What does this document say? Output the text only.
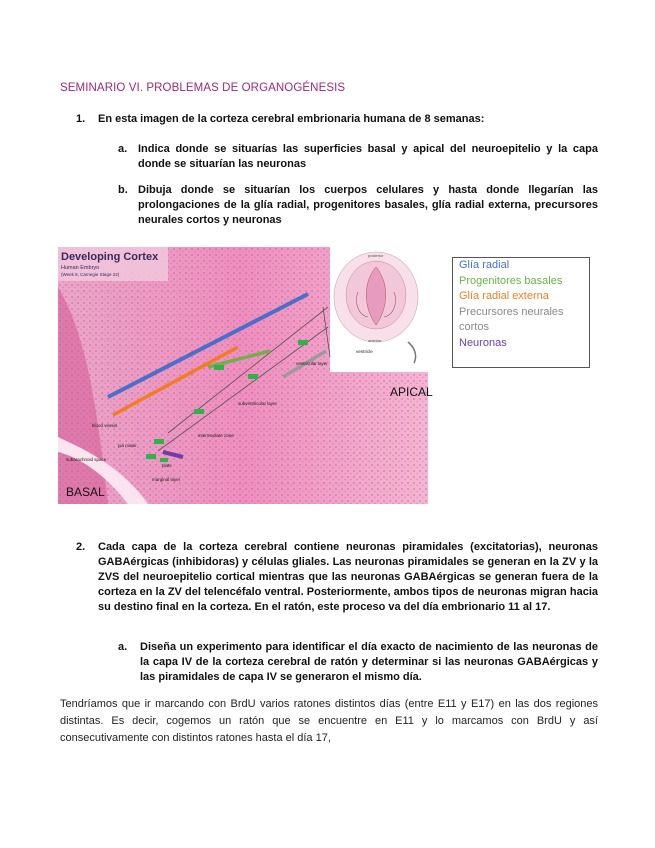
SEMINARIO VI. PROBLEMAS DE ORGANOGÉNESIS
1. En esta imagen de la corteza cerebral embrionaria humana de 8 semanas:
a. Indica donde se situarías las superficies basal y apical del neuroepitelio y la capa donde se situarían las neuronas
b. Dibuja donde se situarían los cuerpos celulares y hasta donde llegarían las prolongaciones de la glía radial, progenitores basales, glía radial externa, precursores neurales cortos y neuronas
Developing Cortex
Human Embryo
(Week 8, Carnegie Stage 22)
posterior
anterior
ventricle
ventricular layer
subventricular layer
intermediate zone
plate
marginal layer
blood vessel
pia mater
subarachnoid space
APICAL
BASAL
Glía radial
Progenitores basales
Glía radial externa
Precursores neurales
cortos
Neuronas
2. Cada capa de la corteza cerebral contiene neuronas piramidales (excitatorias), neuronas GABAérgicas (inhibidoras) y células gliales. Las neuronas piramidales se generan en la ZV y la ZVS del neuroepitelio cortical mientras que las neuronas GABAérgicas se generan fuera de la corteza en la ZV del telencéfalo ventral. Posteriormente, ambos tipos de neuronas migran hacia su destino final en la corteza. En el ratón, este proceso va del día embrionario 11 al 17.
a. Diseña un experimento para identificar el día exacto de nacimiento de las neuronas de la capa IV de la corteza cerebral de ratón y determinar si las neuronas GABAérgicas y las piramidales de capa IV se generaron el mismo día.
Tendríamos que ir marcando con BrdU varios ratones distintos días (entre E11 y E17) en las dos regiones distintas. Es decir, cogemos un ratón que se encuentre en E11 y lo marcamos con BrdU y así consecutivamente con distintos ratones hasta el día 17,
